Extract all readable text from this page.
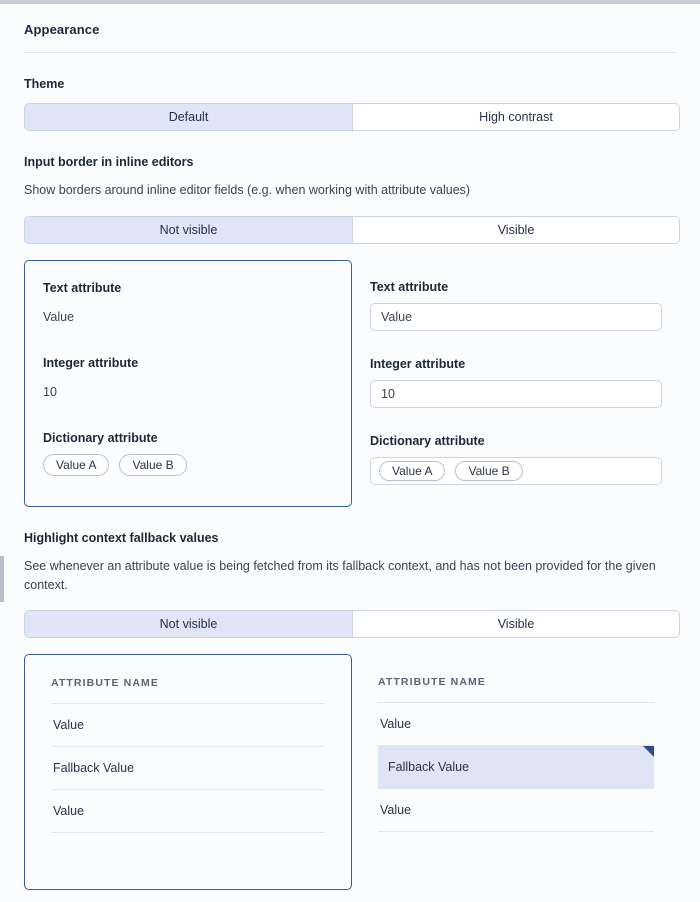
Appearance
Theme
Default	High contrast
Input border in inline editors
Show borders around inline editor fields (e.g. when working with attribute values)
Not visible	Visible
Text attribute
Value
Integer attribute
10
Dictionary attribute
Value A	Value B
Text attribute
Value
Integer attribute
10
Dictionary attribute
Value A	Value B
Highlight context fallback values
See whenever an attribute value is being fetched from its fallback context, and has not been provided for the given context.
Not visible	Visible
ATTRIBUTE NAME
Value
Fallback Value
Value
ATTRIBUTE NAME
Value
Fallback Value
Value
